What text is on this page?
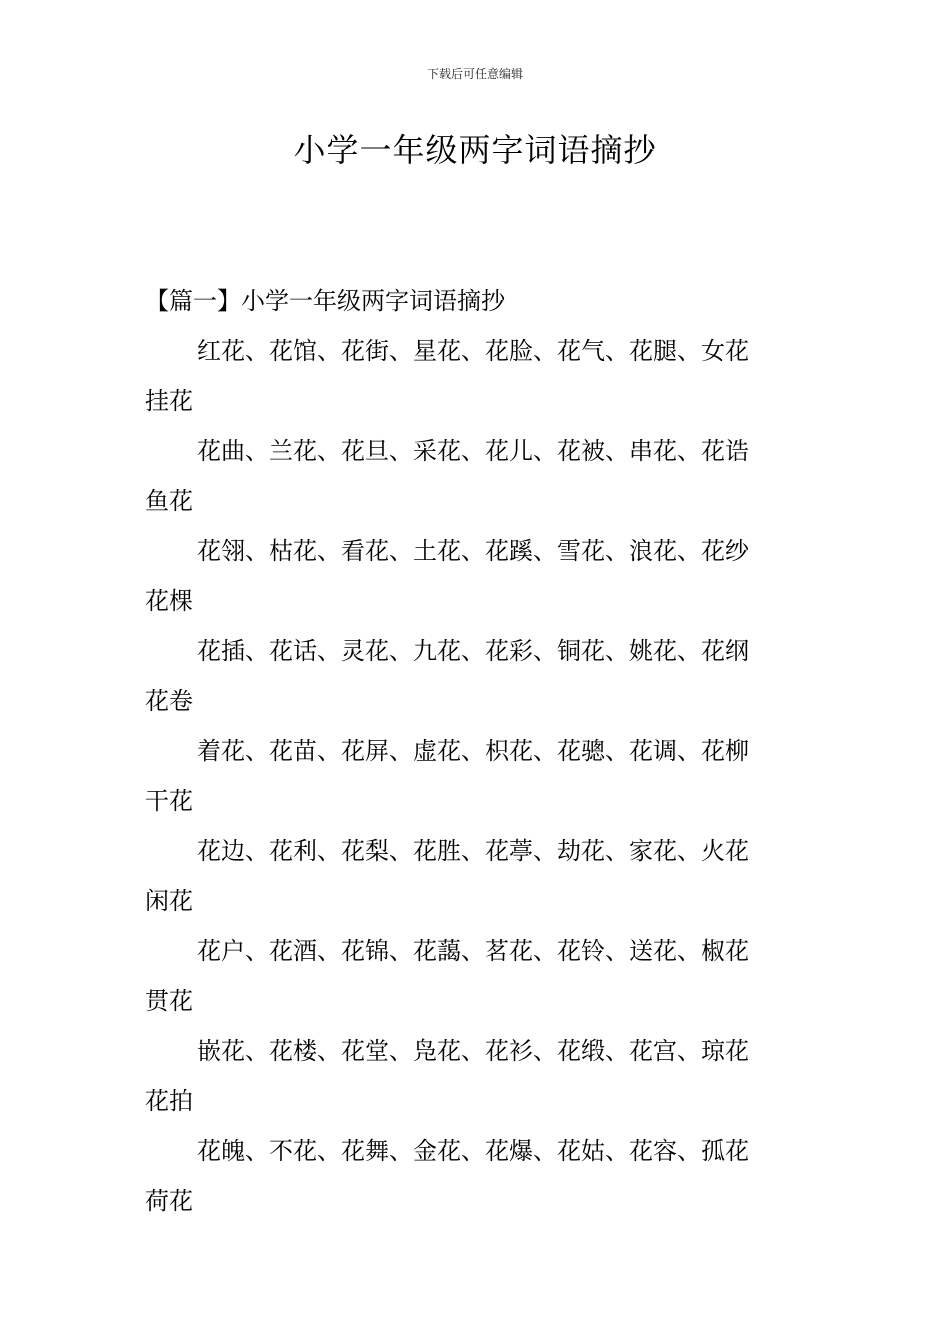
下载后可任意编辑
小学一年级两字词语摘抄
【篇一】小学一年级两字词语摘抄
红花、花馆、花街、星花、花脸、花气、花腿、女花
挂花
花曲、兰花、花旦、采花、花儿、花被、串花、花诰
鱼花
花翎、枯花、看花、土花、花蹊、雪花、浪花、花纱
花棵
花插、花话、灵花、九花、花彩、铜花、姚花、花纲
花卷
着花、花苗、花屏、虚花、枳花、花骢、花调、花柳
干花
花边、花利、花梨、花胜、花葶、劫花、家花、火花
闲花
花户、花酒、花锦、花藹、茗花、花铃、送花、椒花
贯花
嵌花、花楼、花堂、凫花、花衫、花缎、花宫、琼花
花拍
花魄、不花、花舞、金花、花爆、花姑、花容、孤花
荷花
